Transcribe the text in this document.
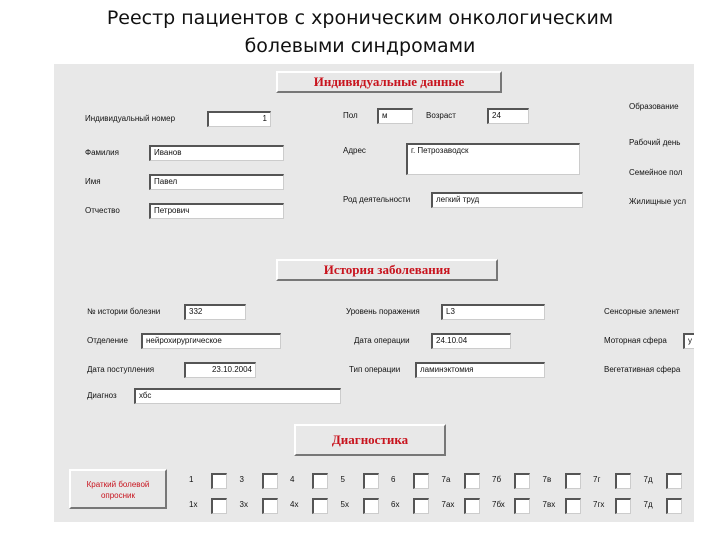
Реестр пациентов с хроническим онкологическим
болевыми синдромами
Индивидуальные данные
Индивидуальный номер	1
Фамилия	Иванов
Имя	Павел
Отчество	Петрович
Пол	м	Возраст	24
Адрес	г. Петрозаводск
Род деятельности	легкий труд
Образование
Рабочий день
Семейное пол
Жилищные усл
История заболевания
№ истории болезни	332
Отделение	нейрохирургическое
Дата поступления	23.10.2004
Диагноз	хбс
Уровень поражения	L3
Дата операции	24.10.04
Тип операции	ламинэктомия
Сенсорные элемент
Моторная сфера	у
Вегетативная сфера
Диагностика
Краткий болевой
опросник
1	3	4	5	6	7а	7б	7в	7г	7д
1х	3х	4х	5х	6х	7ах	7бх	7вх	7гх	7д
